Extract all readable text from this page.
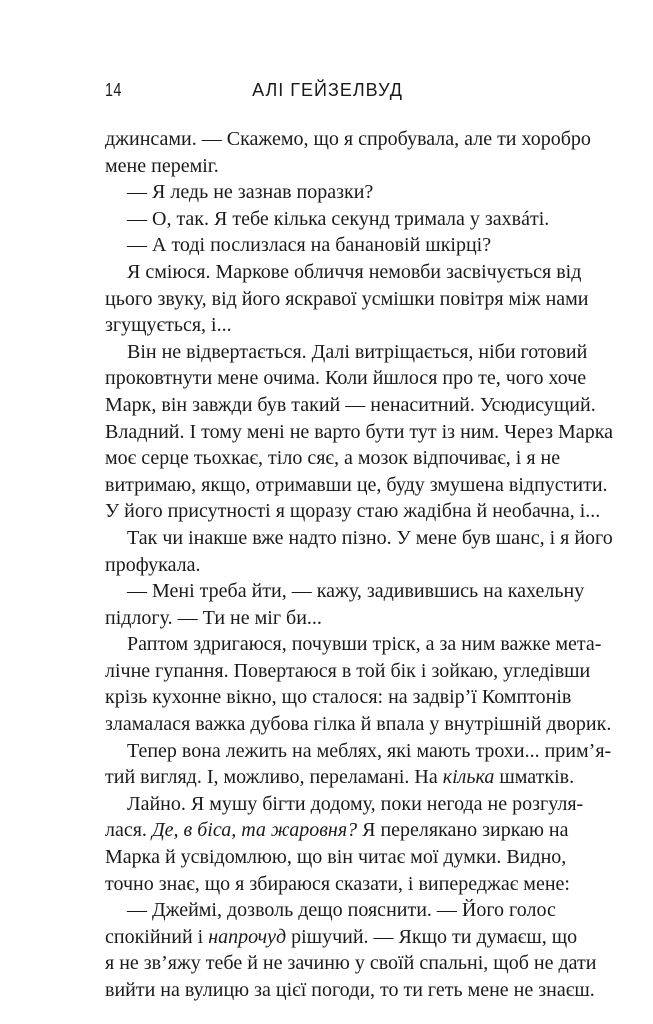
14	АЛІ ГЕЙЗЕЛВУД
джинсами. — Скажемо, що я спробувала, але ти хоробро
мене переміг.
— Я ледь не зазнав поразки?
— О, так. Я тебе кілька секунд тримала у захвáті.
— А тоді послизлася на банановій шкірці?
Я сміюся. Маркове обличчя немовби засвічується від
цього звуку, від його яскравої усмішки повітря між нами
згущується, і...
Він не відвертається. Далі витріщається, ніби готовий
проковтнути мене очима. Коли йшлося про те, чого хоче
Марк, він завжди був такий — ненаситний. Усюдисущий.
Владний. І тому мені не варто бути тут із ним. Через Марка
моє серце тьохкає, тіло сяє, а мозок відпочиває, і я не
витримаю, якщо, отримавши це, буду змушена відпустити.
У його присутності я щоразу стаю жадібна й необачна, і...
Так чи інакше вже надто пізно. У мене був шанс, і я його
профукала.
— Мені треба йти, — кажу, задивившись на кахельну
підлогу. — Ти не міг би...
Раптом здригаюся, почувши тріск, а за ним важке мета-
лічне гупання. Повертаюся в той бік і зойкаю, угледівши
крізь кухонне вікно, що сталося: на задвір’ї Комптонів
зламалася важка дубова гілка й впала у внутрішній дворик.
Тепер вона лежить на меблях, які мають трохи... прим’я-
тий вигляд. І, можливо, переламані. На кілька шматків.
Лайно. Я мушу бігти додому, поки негода не розгуля-
лася. Де, в біса, та жаровня? Я перелякано зиркаю на
Марка й усвідомлюю, що він читає мої думки. Видно,
точно знає, що я збираюся сказати, і випереджає мене:
— Джеймі, дозволь дещо пояснити. — Його голос
спокійний і напрочуд рішучий. — Якщо ти думаєш, що
я не зв’яжу тебе й не зачиню у своїй спальні, щоб не дати
вийти на вулицю за цієї погоди, то ти геть мене не знаєш.
